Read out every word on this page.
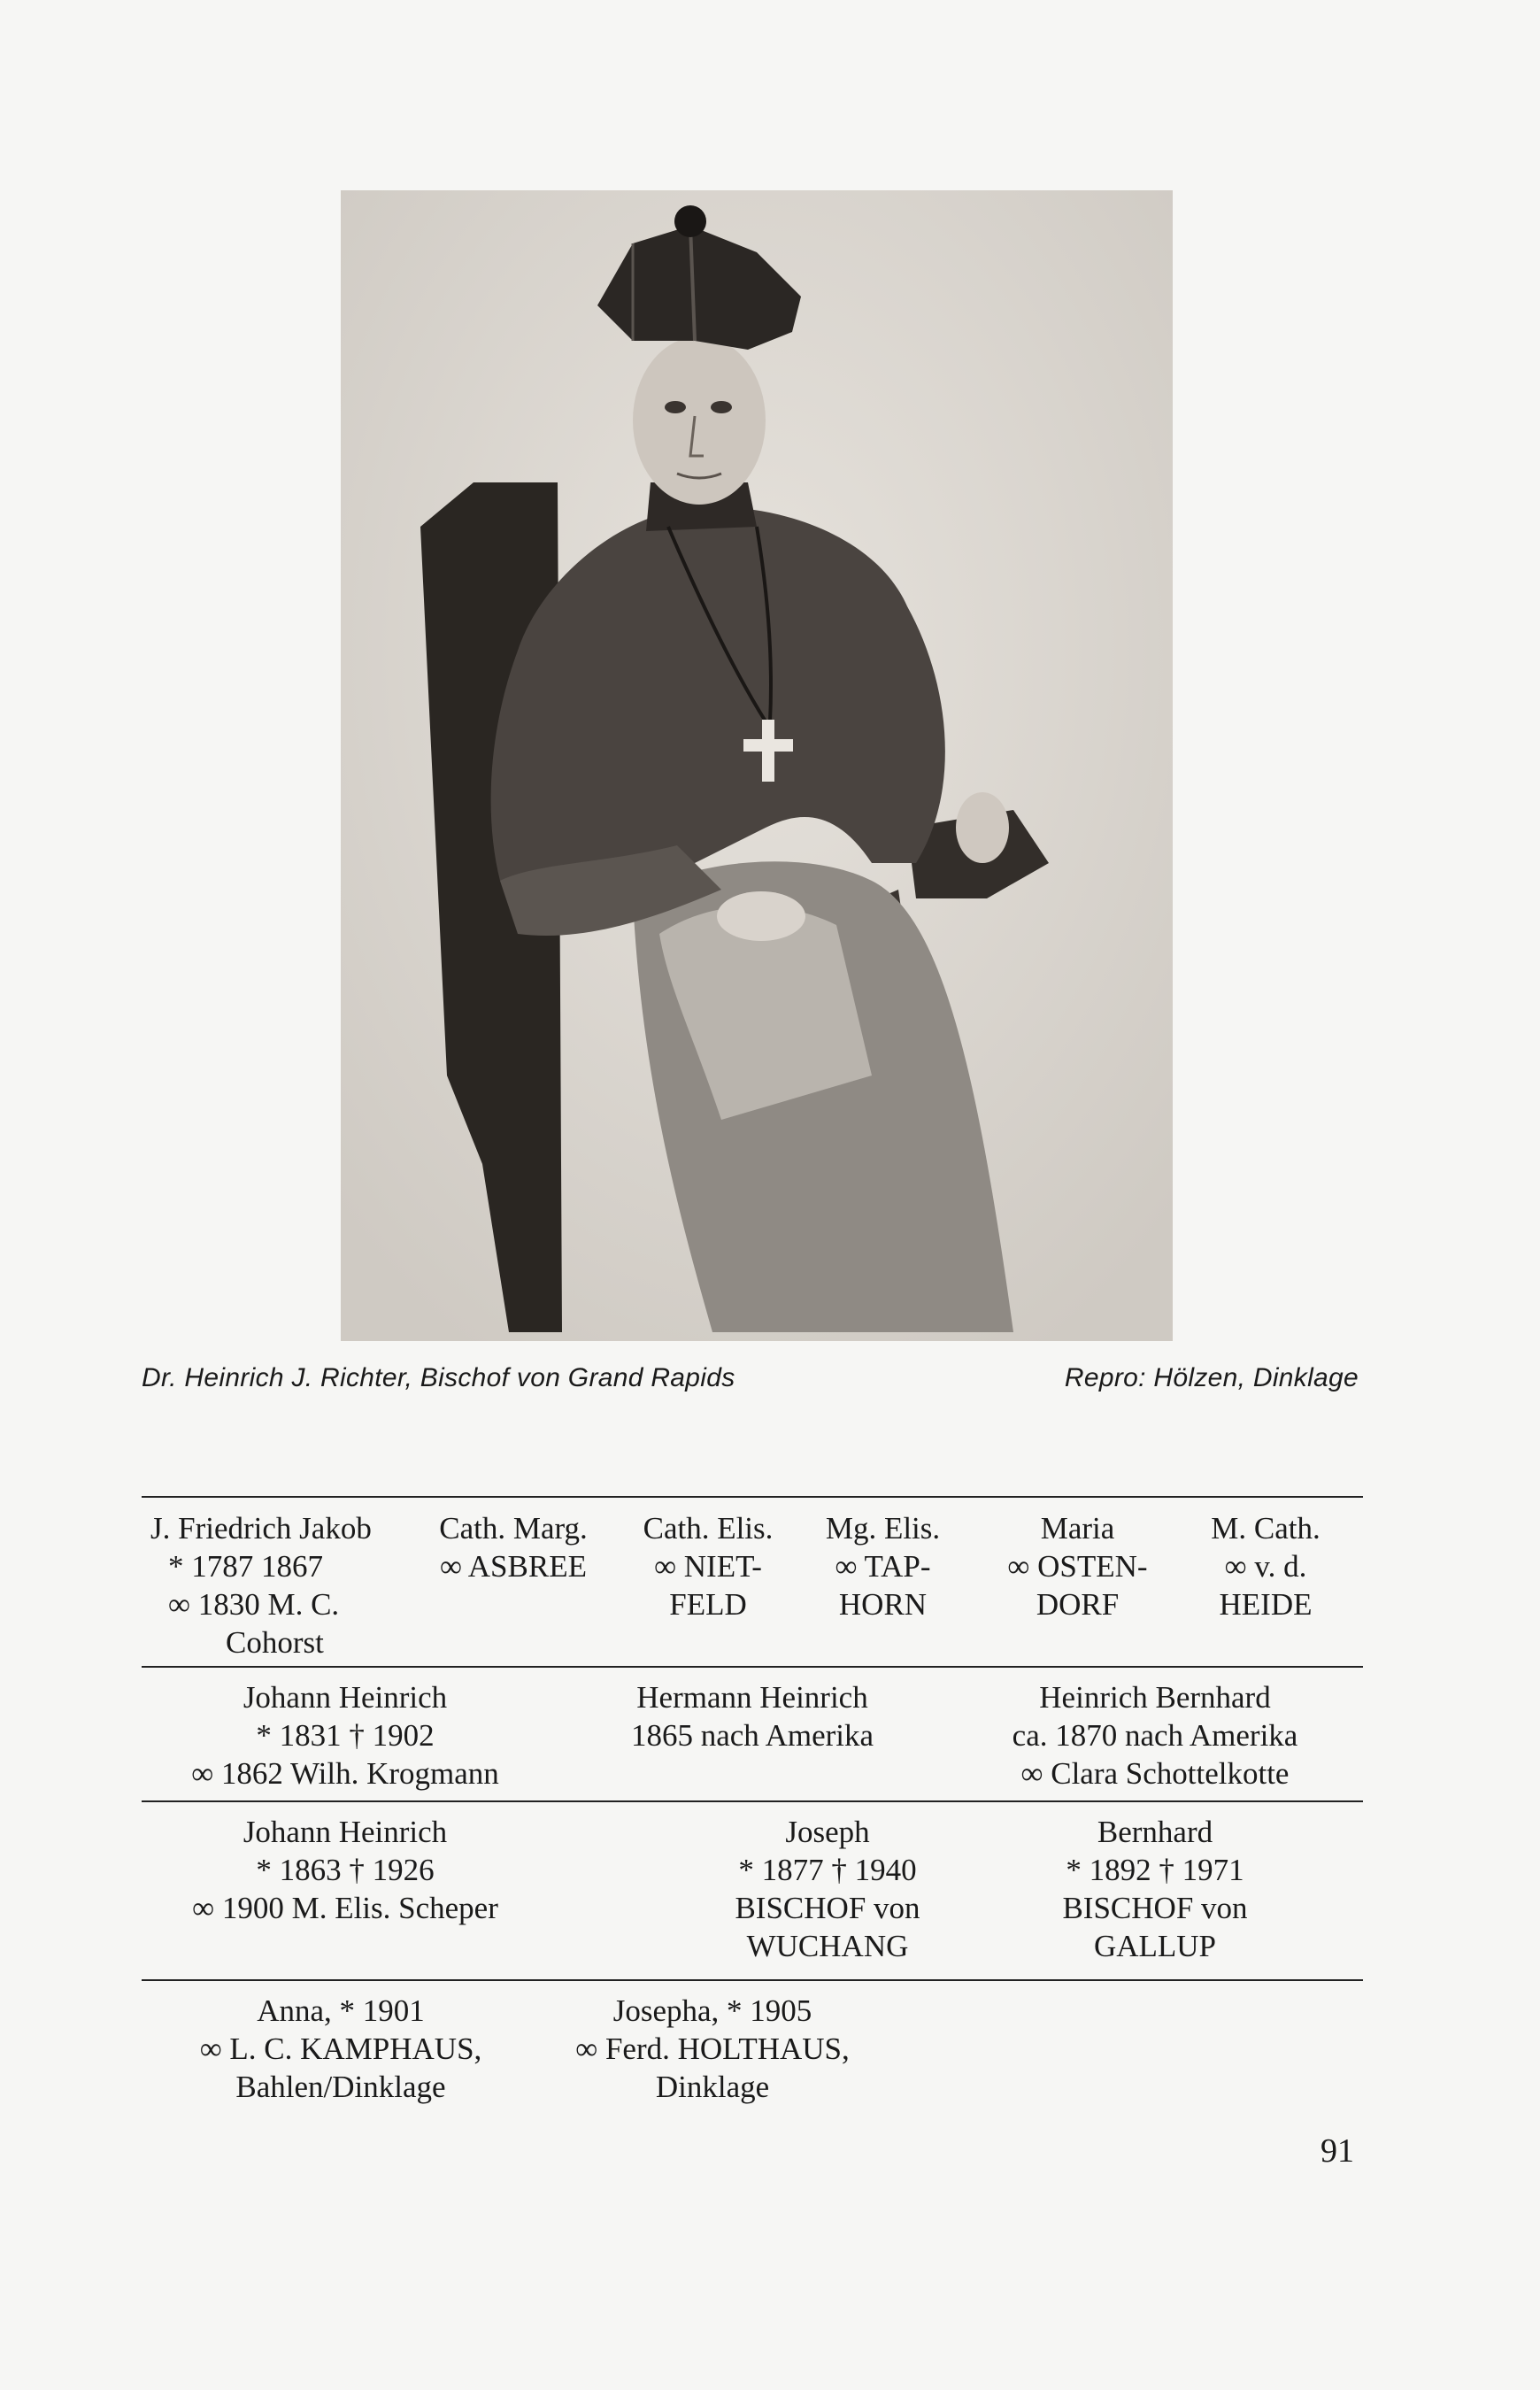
Dr. Heinrich J. Richter, Bischof von Grand Rapids	Repro: Hölzen, Dinklage
J. Friedrich Jakob
* 1787 1867
∞ 1830 M. C.
Cohorst
Cath. Marg.
∞ ASBREE
Cath. Elis.
∞ NIET-
FELD
Mg. Elis.
∞ TAP-
HORN
Maria
∞ OSTEN-
DORF
M. Cath.
∞ v. d.
HEIDE
Johann Heinrich
* 1831 † 1902
∞ 1862 Wilh. Krogmann
Hermann Heinrich
1865 nach Amerika
Heinrich Bernhard
ca. 1870 nach Amerika
∞ Clara Schottelkotte
Johann Heinrich
* 1863 † 1926
∞ 1900 M. Elis. Scheper
Joseph
* 1877 † 1940
BISCHOF von
WUCHANG
Bernhard
* 1892 † 1971
BISCHOF von
GALLUP
Anna, * 1901
∞ L. C. KAMPHAUS,
Bahlen/Dinklage
Josepha, * 1905
∞ Ferd. HOLTHAUS,
Dinklage
91
